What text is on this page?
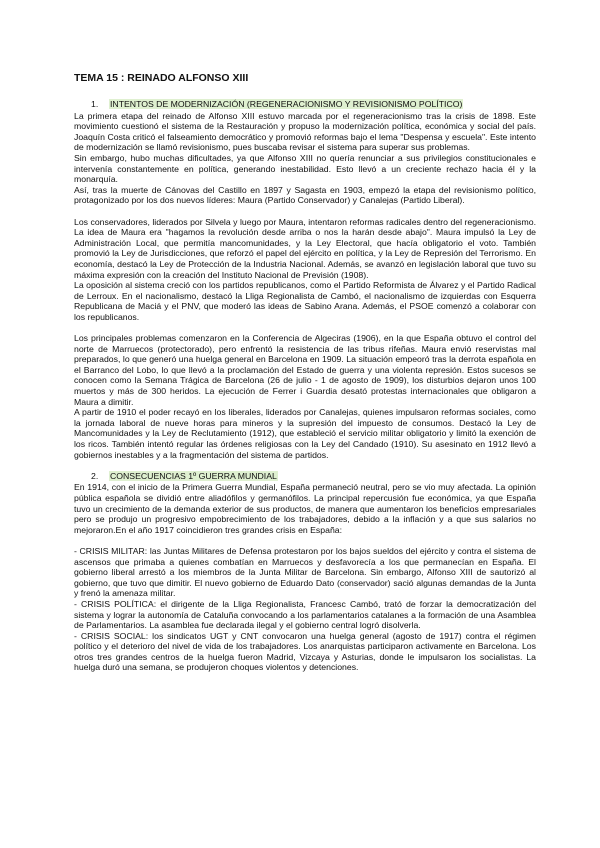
TEMA 15 : REINADO ALFONSO XIII
1. INTENTOS DE MODERNIZACIÓN (REGENERACIONISMO Y REVISIONISMO POLÍTICO)

La primera etapa del reinado de Alfonso XIII estuvo marcada por el regeneracionismo tras la crisis de 1898. Este movimiento cuestionó el sistema de la Restauración y propuso la modernización política, económica y social del país. Joaquín Costa criticó el falseamiento democrático y promovió reformas bajo el lema "Despensa y escuela". Este intento de modernización se llamó revisionismo, pues buscaba revisar el sistema para superar sus problemas.

Sin embargo, hubo muchas dificultades, ya que Alfonso XIII no quería renunciar a sus privilegios constitucionales e intervenía constantemente en política, generando inestabilidad. Esto llevó a un creciente rechazo hacia él y la monarquía.

Así, tras la muerte de Cánovas del Castillo en 1897 y Sagasta en 1903, empezó la etapa del revisionismo político, protagonizado por los dos nuevos líderes: Maura (Partido Conservador) y Canalejas (Partido Liberal).

Los conservadores, liderados por Silvela y luego por Maura, intentaron reformas radicales dentro del regeneracionismo. La idea de Maura era "hagamos la revolución desde arriba o nos la harán desde abajo". Maura impulsó la Ley de Administración Local, que permitía mancomunidades, y la Ley Electoral, que hacía obligatorio el voto. También promovió la Ley de Jurisdicciones, que reforzó el papel del ejército en política, y la Ley de Represión del Terrorismo. En economía, destacó la Ley de Protección de la Industria Nacional. Además, se avanzó en legislación laboral que tuvo su máxima expresión con la creación del Instituto Nacional de Previsión (1908).

La oposición al sistema creció con los partidos republicanos, como el Partido Reformista de Álvarez y el Partido Radical de Lerroux. En el nacionalismo, destacó la Lliga Regionalista de Cambó, el nacionalismo de izquierdas con Esquerra Republicana de Maciá y el PNV, que moderó las ideas de Sabino Arana. Además, el PSOE comenzó a colaborar con los republicanos.

Los principales problemas comenzaron en la Conferencia de Algeciras (1906), en la que España obtuvo el control del norte de Marruecos (protectorado), pero enfrentó la resistencia de las tribus rifeñas. Maura envió reservistas mal preparados, lo que generó una huelga general en Barcelona en 1909. La situación empeoró tras la derrota española en el Barranco del Lobo, lo que llevó a la proclamación del Estado de guerra y una violenta represión. Estos sucesos se conocen como la Semana Trágica de Barcelona (26 de julio - 1 de agosto de 1909), los disturbios dejaron unos 100 muertos y más de 300 heridos. La ejecución de Ferrer i Guardia desató protestas internacionales que obligaron a Maura a dimitir.

A partir de 1910 el poder recayó en los liberales, liderados por Canalejas, quienes impulsaron reformas sociales, como la jornada laboral de nueve horas para mineros y la supresión del impuesto de consumos. Destacó la Ley de Mancomunidades y la Ley de Reclutamiento (1912), que estableció el servicio militar obligatorio y limitó la exención de los ricos. También intentó regular las órdenes religiosas con la Ley del Candado (1910). Su asesinato en 1912 llevó a gobiernos inestables y a la fragmentación del sistema de partidos.

2. CONSECUENCIAS 1º GUERRA MUNDIAL

En 1914, con el inicio de la Primera Guerra Mundial, España permaneció neutral, pero se vio muy afectada. La opinión pública española se dividió entre aliadófilos y germanófilos. La principal repercusión fue económica, ya que España tuvo un crecimiento de la demanda exterior de sus productos, de manera que aumentaron los beneficios empresariales pero se produjo un progresivo empobrecimiento de los trabajadores, debido a la inflación y a que sus salarios no mejoraron.En el año 1917 coincidieron tres grandes crisis en España:

- CRISIS MILITAR: las Juntas Militares de Defensa protestaron por los bajos sueldos del ejército y contra el sistema de ascensos que primaba a quienes combatían en Marruecos y desfavorecía a los que permanecían en España. El gobierno liberal arrestó a los miembros de la Junta Militar de Barcelona. Sin embargo, Alfonso XIII de sautorizó al gobierno, que tuvo que dimitir. El nuevo gobierno de Eduardo Dato (conservador) sació algunas demandas de la Junta y frenó la amenaza militar.

- CRISIS POLÍTICA: el dirigente de la Lliga Regionalista, Francesc Cambó, trató de forzar la democratización del sistema y lograr la autonomía de Cataluña convocando a los parlamentarios catalanes a la formación de una Asamblea de Parlamentarios. La asamblea fue declarada ilegal y el gobierno central logró disolverla.

- CRISIS SOCIAL: los sindicatos UGT y CNT convocaron una huelga general (agosto de 1917) contra el régimen político y el deterioro del nivel de vida de los trabajadores. Los anarquistas participaron activamente en Barcelona. Los otros tres grandes centros de la huelga fueron Madrid, Vizcaya y Asturias, donde le impulsaron los socialistas. La huelga duró una semana, se produjeron choques violentos y detenciones.
